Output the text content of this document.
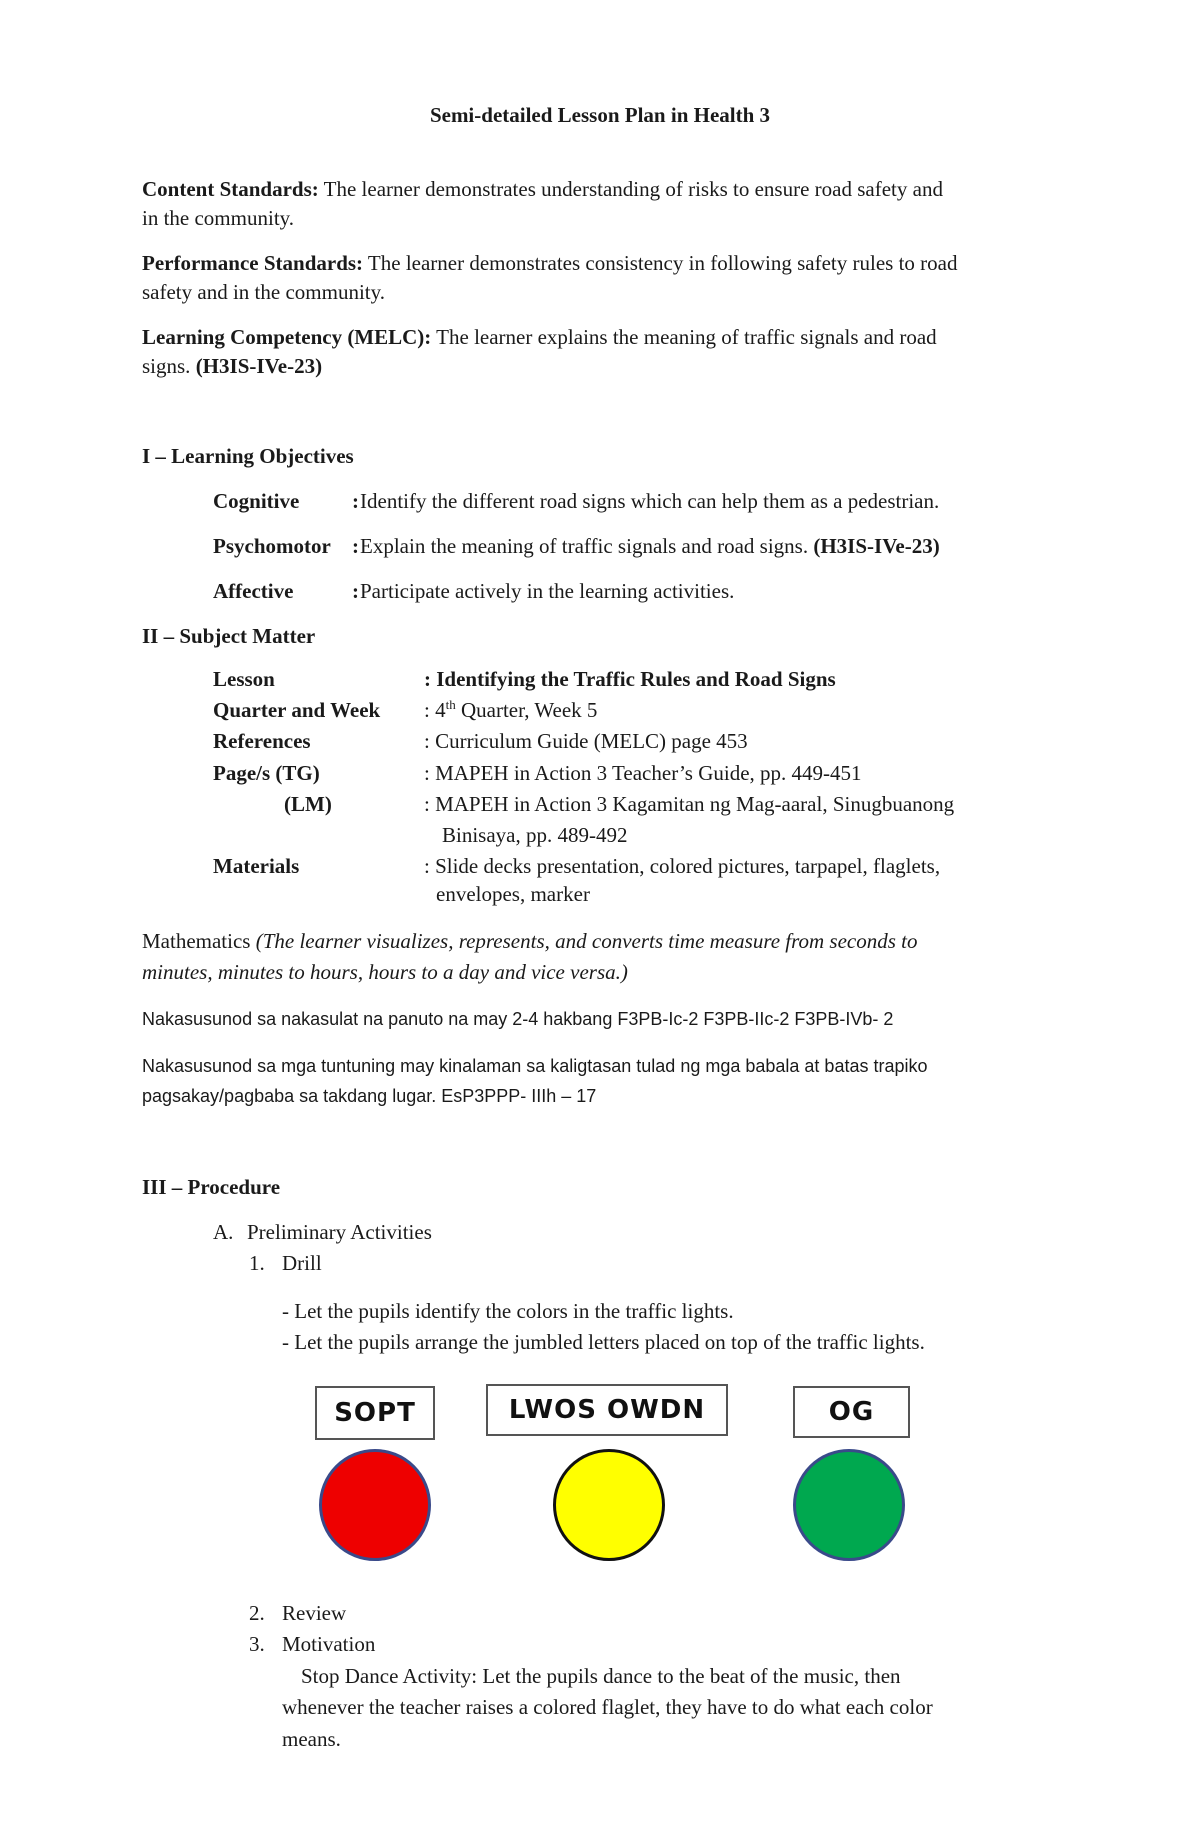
Semi-detailed Lesson Plan in Health 3
Content Standards: The learner demonstrates understanding of risks to ensure road safety and
in the community.
Performance Standards: The learner demonstrates consistency in following safety rules to road
safety and in the community.
Learning Competency (MELC): The learner explains the meaning of traffic signals and road
signs. (H3IS-IVe-23)
I – Learning Objectives
Cognitive	: Identify the different road signs which can help them as a pedestrian.
Psychomotor : Explain the meaning of traffic signals and road signs. (H3IS-IVe-23)
Affective	: Participate actively in the learning activities.
II – Subject Matter
Lesson	: Identifying the Traffic Rules and Road Signs
Quarter and Week : 4th Quarter, Week 5
References	: Curriculum Guide (MELC) page 453
Page/s (TG)	: MAPEH in Action 3 Teacher’s Guide, pp. 449-451
(LM)	: MAPEH in Action 3 Kagamitan ng Mag-aaral, Sinugbuanong
Binisaya, pp. 489-492
Materials	: Slide decks presentation, colored pictures, tarpapel, flaglets,
envelopes, marker
Mathematics (The learner visualizes, represents, and converts time measure from seconds to
minutes, minutes to hours, hours to a day and vice versa.)
Nakasusunod sa nakasulat na panuto na may 2-4 hakbang F3PB-Ic-2 F3PB-IIc-2 F3PB-IVb- 2
Nakasusunod sa mga tuntuning may kinalaman sa kaligtasan tulad ng mga babala at batas trapiko
pagsakay/pagbaba sa takdang lugar. EsP3PPP- IIIh – 17
III – Procedure
A. Preliminary Activities
1. Drill
- Let the pupils identify the colors in the traffic lights.
- Let the pupils arrange the jumbled letters placed on top of the traffic lights.
SOPT	LWOS OWDN	OG
2. Review
3. Motivation
Stop Dance Activity: Let the pupils dance to the beat of the music, then
whenever the teacher raises a colored flaglet, they have to do what each color
means.
